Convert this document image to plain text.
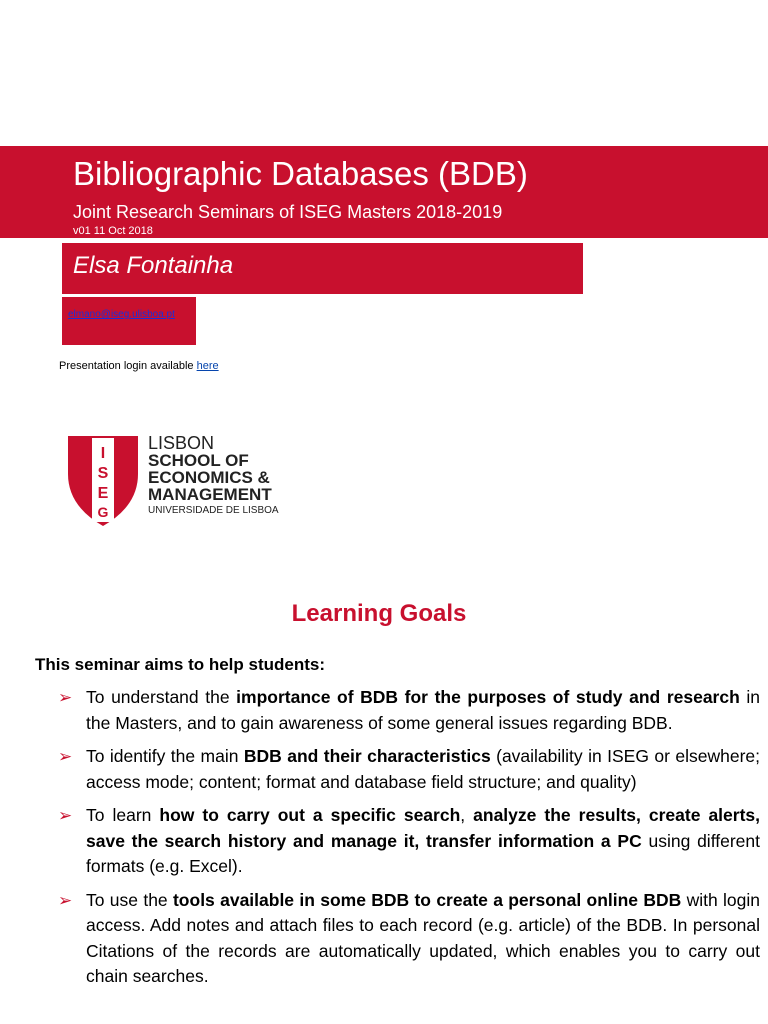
Bibliographic Databases (BDB)
Joint Research Seminars of ISEG Masters 2018-2019
v01 11 Oct 2018
Elsa Fontainha
elmano@iseg.ulisboa.pt
Presentation login available here
I
S
E
G
LISBON
SCHOOL OF
ECONOMICS &
MANAGEMENT
UNIVERSIDADE DE LISBOA
Learning Goals
This seminar aims to help students:
➢ To understand the importance of BDB for the purposes of study and research in the Masters, and to gain awareness of some general issues regarding BDB.
➢ To identify the main BDB and their characteristics (availability in ISEG or elsewhere; access mode; content; format and database field structure; and quality)
➢ To learn how to carry out a specific search, analyze the results, create alerts, save the search history and manage it, transfer information a PC using different formats (e.g. Excel).
➢ To use the tools available in some BDB to create a personal online BDB with login access. Add notes and attach files to each record (e.g. article) of the BDB. In personal Citations of the records are automatically updated, which enables you to carry out chain searches.
